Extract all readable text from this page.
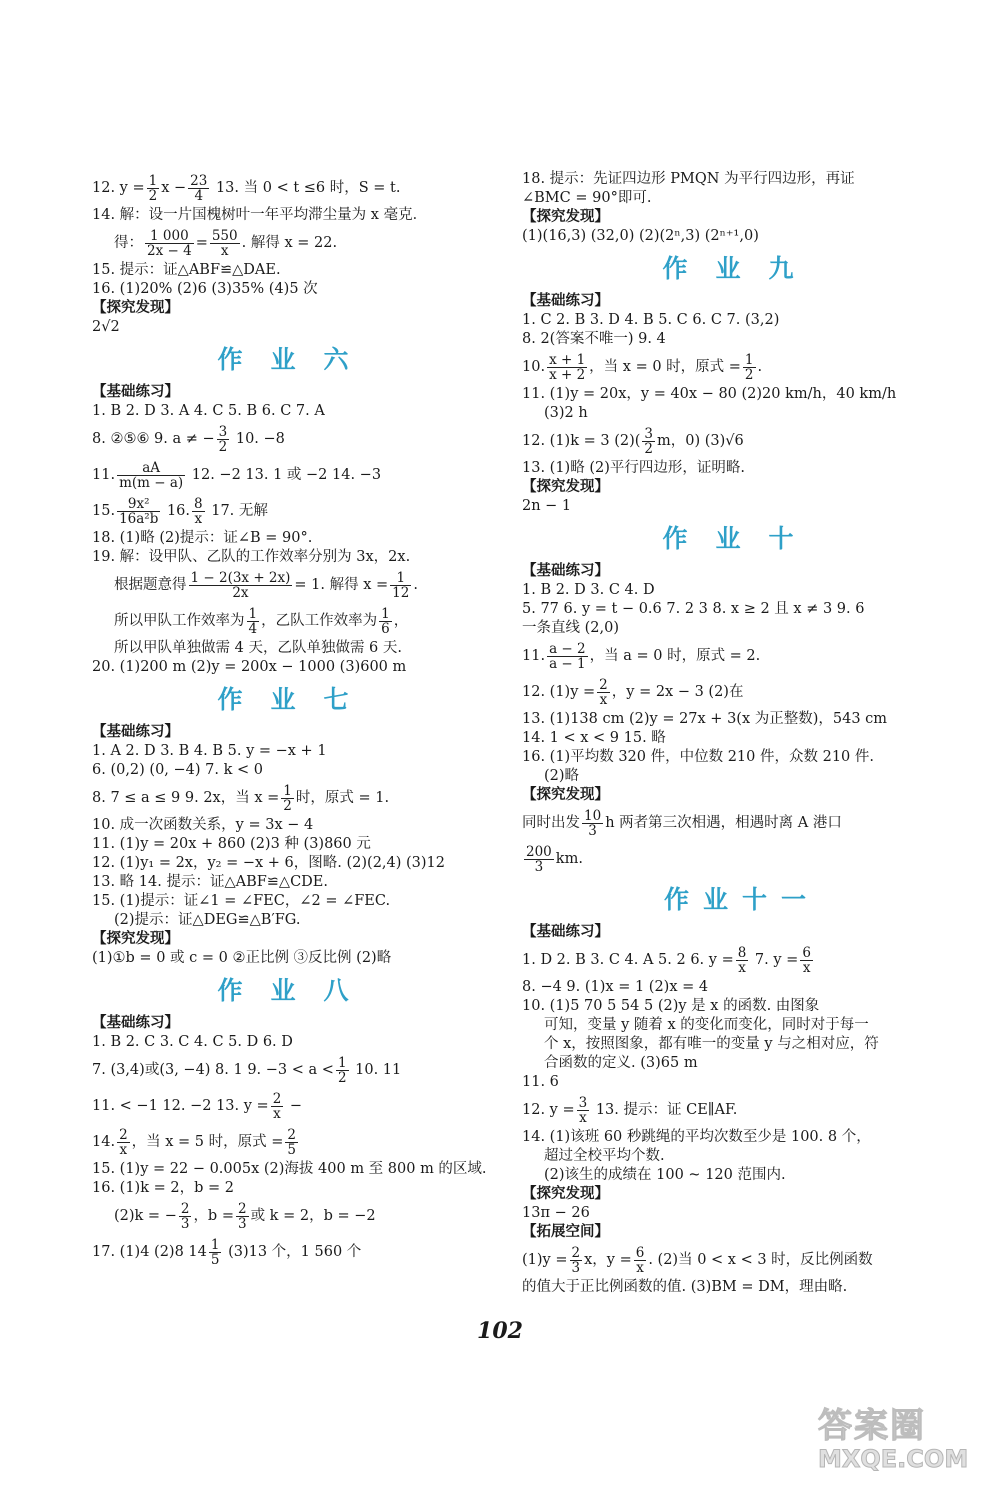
12. $y = \frac{1}{2}$ $x - \frac{23}{4} 13$. 当 0 < t ≤6 时，S = t.
14. 解：设一片国槐树叶一年平均滞尘量为 x 毫克．
得： $\frac{1 000}{2x - 4} = \frac{550}{x}$ . 解得 x = 22.
15. 提示：证△ABF≌△DAE.
16. (1)20% (2)6 (3)35% (4)5 次
【探究发现】
2√2
作业六
【基础练习】
1. B 2. D 3. A 4. C 5. B 6. C 7. A
8. ②⑤⑥ 9. a ≠ − $\frac{3}{2} 10$. −8
11. $\frac{aA}{m(m - a)} 12$. −2 13. 1 或 −2 14. −3
15. $\frac{\text{9x²}}{\text{16a²b}} 16$. $\frac{8}{x} 17$. 无解
18. (1)略 (2)提示：证∠B = 90°.
19. 解：设甲队、乙队的工作效率分别为 3x，2x.
根据题意得 $\frac{1 - 2(3x + 2x)}{2x} = 1$. 解得 $x = \frac{1}{12}$ .
所以甲队工作效率为 $\frac{1}{4}$ ，乙队工作效率为 $\frac{1}{6}$ ，
所以甲队单独做需 4 天，乙队单独做需 6 天.
20. (1)200 m (2)y = 200x − 1000 (3)600 m
作业七
【基础练习】
1. A 2. D 3. B 4. B 5. y = −x + 1
6. (0,2) (0, −4) 7. k < 0
8. 7 ≤ a ≤ 9 9. 2x，当 $x = \frac{1}{2}$ 时，原式 = 1.
10. 成一次函数关系，y = 3x − 4
11. (1)y = 20x + 860 (2)3 种 (3)860 元
12. (1)y₁ = 2x，y₂ = −x + 6，图略. (2)(2,4) (3)12
13. 略 14. 提示：证△ABF≌△CDE.
15. (1)提示：证∠1 = ∠FEC，∠2 = ∠FEC.
(2)提示：证△DEG≌△B′FG.
【探究发现】
(1)①b = 0 或 c = 0 ②正比例 ③反比例 (2)略
作业八
【基础练习】
1. B 2. C 3. C 4. C 5. D 6. D
7. (3,4)或(3, −4) 8. 1 9. $-3 < a < \frac{1}{2} 10$. 11
11. < −1 12. −2 13. $y = \frac{2}{x}$ −
14. $\frac{2}{x}$ ，当 x = 5 时，原式 = $\frac{2}{5}$
15. (1)y = 22 − 0.005x (2)海拔 400 m 至 800 m 的区域.
16. (1)k = 2，b = 2
(2)k = − $\frac{2}{3}$ ，$b = \frac{2}{3}$ 或 k = 2，b = −2
17. (1)4 (2)8 $14 \frac{1}{5} (3)13$ 个，1 560 个
18. 提示：先证四边形 PMQN 为平行四边形，再证
∠BMC = 90°即可.
【探究发现】
(1)(16,3) (32,0) (2)(2ⁿ,3) (2ⁿ⁺¹,0)
作业九
【基础练习】
1. C 2. B 3. D 4. B 5. C 6. C 7. (3,2)
8. 2(答案不唯一) 9. 4
10. $\frac{x + 1}{x + 2}$ ，当 x = 0 时，原式 = $\frac{1}{2}$ .
11. (1)y = 20x，y = 40x − 80 (2)20 km/h，40 km/h
(3)2 h
12. (1)k = 3 $(2)( \frac{3}{2}$ m，0) (3)√6
13. (1)略 (2)平行四边形，证明略.
【探究发现】
2n − 1
作业十
【基础练习】
1. B 2. D 3. C 4. D
5. 77 6. y = t − 0.6 7. 2 3 8. x ≥ 2 且 x ≠ 3 9. 6
一条直线 (2,0)
11. $\frac{a - 2}{a - 1}$ ，当 a = 0 时，原式 = 2.
12. $(1)y = \frac{2}{x}$ ，y = 2x − 3 (2)在
13. (1)138 cm (2)y = 27x + 3(x 为正整数)，543 cm
14. 1 < x < 9 15. 略
16. (1)平均数 320 件，中位数 210 件，众数 210 件.
(2)略
【探究发现】
同时出发 $\frac{10}{3}$ h 两者第三次相遇，相遇时离 A 港口
$\frac{200}{3}$ km.
作业十一
【基础练习】
1. D 2. B 3. C 4. A 5. 2 6. $y = \frac{8}{x} 7$. $y = \frac{6}{x}$
8. −4 9. (1)x = 1 (2)x = 4
10. (1)5 70 5 54 5 (2)y 是 x 的函数. 由图象
可知，变量 y 随着 x 的变化而变化，同时对于每一
个 x，按照图象，都有唯一的变量 y 与之相对应，符
合函数的定义. (3)65 m
11. 6
12. $y = \frac{3}{x} 13$. 提示：证 CE∥AF.
14. (1)该班 60 秒跳绳的平均次数至少是 100. 8 个，
超过全校平均个数.
(2)该生的成绩在 100 ~ 120 范围内.
【探究发现】
13π − 26
【拓展空间】
$(1)y = \frac{2}{3}$ x，$y = \frac{6}{x}$ . (2)当 0 < x < 3 时，反比例函数
的值大于正比例函数的值. (3)BM = DM，理由略.
102
答案圈
MXQE.COM
